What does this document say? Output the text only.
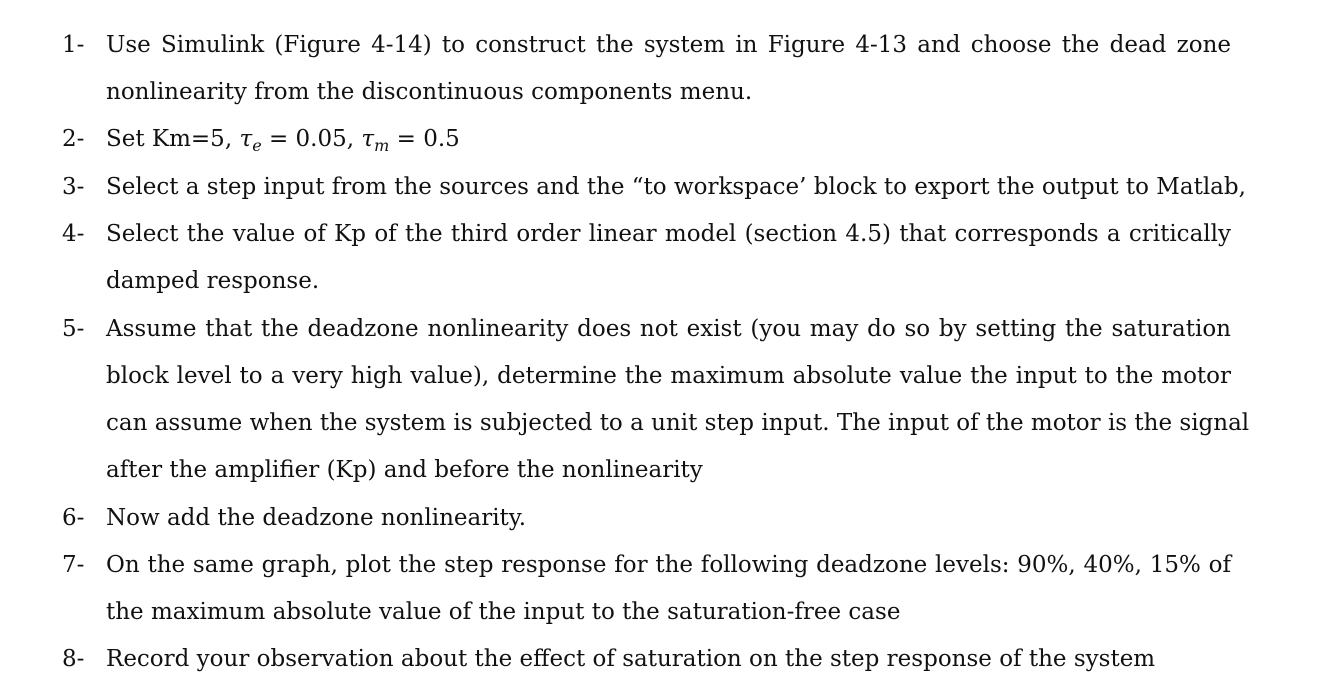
1- Use Simulink (Figure 4-14) to construct the system in Figure 4-13 and choose the dead zone
nonlinearity from the discontinuous components menu.
2- Set Km=5, $\tau_e = 0.05$, $\tau_m = 0.5$
3- Select a step input from the sources and the “to workspace’ block to export the output to Matlab,
4- Select the value of Kp of the third order linear model (section 4.5) that corresponds a critically
damped response.
5- Assume that the deadzone nonlinearity does not exist (you may do so by setting the saturation
block level to a very high value), determine the maximum absolute value the input to the motor
can assume when the system is subjected to a unit step input. The input of the motor is the signal
after the amplifier (Kp) and before the nonlinearity
6- Now add the deadzone nonlinearity.
7- On the same graph, plot the step response for the following deadzone levels: 90%, 40%, 15% of
the maximum absolute value of the input to the saturation-free case
8- Record your observation about the effect of saturation on the step response of the system
